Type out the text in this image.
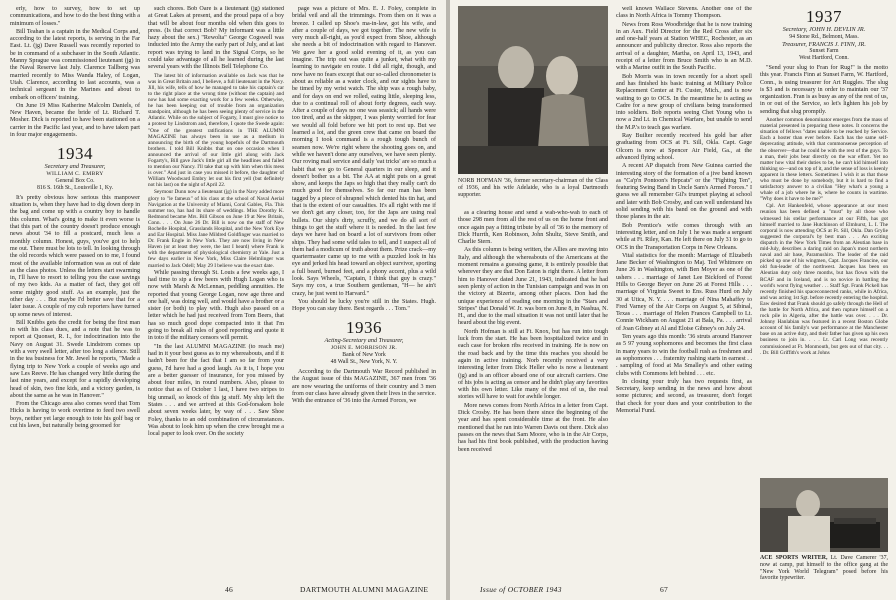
erly, how to survey, how to set up communications, and how to do the best thing with a minimum of losses."

Bill Teahan is a captain in the Medical Corps and, according to the latest reports, is serving in the Far East. Lt. (jg) Dave Russell was recently reported to be in command of a subchaser in the South Atlantic. Manny Sprague was commissioned lieutenant (jg) in the Naval Reserve last July. Clarence Tallberg was married recently to Miss Wanda Haley, of Logan, Utah. Clarence, according to last accounts, was a technical sergeant in the Marines and about to embark on officers' training.

On June 19 Miss Katherine Malcolm Daniels, of New Haven, became the bride of Lt. Richard T. Mosher. Dick is reported to have been stationed on a carrier in the Pacific last year, and to have taken part in four major engagements.

1934
Secretary and Treasurer,
WILLIAM C. EMBRY
General Box Co.
816 S. 16th St., Louisville 1, Ky.

It's pretty obvious how serious this manpower situation is, when they have had to dig down deep in the bag and come up with a country boy to handle this column. What's going to make it even worse is that this part of the country doesn't produce enough news about '34 to fill a postcard, much less a monthly column. Honest, guys, you've got to help me out. There must be lots to tell. In looking through the old records which were passed on to me, I found most of the available information was as out of date as the class photos. Unless the letters start swarming in, I'll have to resort to telling you the case savings of my two kids. As a matter of fact, they got off some mighty good stuff. As an example, just the other day . . . But maybe I'd better save that for a later issue. A couple of my cub reporters have turned up some news of interest.

Bill Knibbs gets the credit for being the first man in with his class dues, and a note that he was to report at Quonset, R. I., for indoctrination into the Navy on August 31. Swede Lindstrom comes up with a very swell letter, after too long a silence. Still in the tea business for Mr. Jewel he reports, "Made a flying trip to New York a couple of weeks ago and saw Les Reeve. He has changed very little during the last nine years, and except for a rapidly developing head of skin, two fine kids, and a victory garden, is about the same as he was in Hanover."

From the Chicago area also comes word that Tom Hicks is having to work overtime to feed two swell boys, neither yet large enough to tote his golf bag or cut his lawn, but naturally being groomed for

such chores. Bob Oare is a lieutenant (jg) stationed at Great Lakes at present, and the proud papa of a boy that will be about four months old when this goes to press. (Is that correct Bob? My informant was a little hazy about the sex.) "Rewolta" George Cogswell was inducted into the Army the early part of July, and at last report was trying to land in the Signal Corps, so he could take advantage of all he learned during the last several years with the Illinois Bell Telephone Co.

The latest bit of information available on Jack was that he was in Great Britain and, I believe, a full lieutenant in the Navy. Jill, his wife, tells of how he managed to take his captain's car to the right place at the wrong time (without the captain) and now has had some exacting work for a few weeks. Otherwise, he has been keeping out of trouble from an organization standpoint, although he has been seeing plenty of service in the Atlantic. While on the subject of Fogarty, I must give notice to a protest by Lindstrom and, therefore, I quote the Swede again: "One of the greatest ratifications in THE ALUMNI MAGAZINE has always been in use as a medium in announcing the birth of the young hopefuls of the Dartmouth brothers. I told Bill Knibbs that on one occasion when I announced the arrival of our little girl along with Jack Fogarty's, Bill gave Jack's little girl all the headlines and failed to mention our Nancy. I'll take that up with him when this mess is over." And just in case you missed it before, the daughter of William Woodward Embry let out his first yell (but definitely not his last) on the night of April 22.

Seymour Dunn now a lieutenant (jg) in the Navy added more glory to "le fameux" of his class at the school of Naval Aerial Navigation at the University of Miami, Coral Gables, Fla. This summer too, has had its share of weddings. Miss Dorothy K. Redmond became Mrs. Bill Gibson on June 19 at New Britain, Conn. . . . On June 26 Dr. Bill is now on the staff of New Rochelle Hospital, Grasslands Hospital, and the New York Eye and Ear Hospital. Miss Jane Mildred Goldfinger was married to Dr. Frank Engle in New York. They are now living in New Haven (or at least they were, the last I heard) where Frank is with the department of physiological chemistry at Yale. Just a few days earlier in New York, Miss Claire Helmlinger was married to Jack Odell; May 29 I believe was the exact date.

While passing through St. Louis a few weeks ago, I had time to sip a few beers with Hugh Logan who is now with Marsh & McLennan, peddling annuities. He reported that young George Logan, now age three and one half, was doing well, and would have a brother or a sister (or both) to play with. Hugh also passed on a letter which he had just received from Tom Beers, that has so much good dope compacted into it that I'm going to break all rules of good reporting and quote it in toto if the military censors will permit.

"In the last ALUMNI MAGAZINE (to reach me) had in it your best guess as to my whereabouts, and if it hadn't been for the fact that I am so far from your guess, I'd have had a good laugh. As it is, I hope you are a better guesser of insurance, for you missed by about four miles, in round numbers. Also, please to notice that as of October 1 last, I have two stripes to big unmail, so knock of this jg stuff. My ship left the States . . . and we arrived at this God-forsaken hole about seven weeks later, by way of . . . Saw Shoe Foley, thanks to an odd combination of circumstances. Was about to look him up when the crew brought me a local paper to look over. On the society

page was a picture of Mrs. E. J. Foley, complete in bridal veil and all the trimmings. From then on it was a breeze. I called up Shoe's ma-in-law, got his wife, and after a couple of days, we got together. The new wife is very much all-right, as you'd expect from Shoe, although she needs a bit of indoctrination with regard to Hanover. We gave her a good solid evening of it, as you can imagine. The trip out was quite a junket, what with my learning to navigate en route. I did all right, though, and now have no fears except that our so-called chronometer is about as reliable as a water clock, and our sights have to be timed by my wrist watch. The ship was a rough baby, and for days on end we rolled, eating little, sleeping less, due to a continual roll of about forty degrees, each way. After a couple of days no one was seasick; all hands were too tired, and as the skipper, I was plenty worried for fear we would all fold before we hit port to rest up. But we learned a lot, and the green crew that came on board the morning I took command is a rough tough bunch of seamen now. We're right where the shooting goes on, and while we haven't done any ourselves, we have seen plenty. Our roving mail service and daily 'eat tricks' are so much a habit that we go to General quarters in our sleep, and it doesn't bother us a bit. The AA at night puts on a great show, and keeps the Japs so high that they really can't do much good for themselves. So far our man has been tagged by a piece of shrapnel which dented his tin hat, and that is the extent of our casualties. It's all right with me if we don't get any closer, too, for the Japs are using real bullets. Our ship's dirty, scruffy, and we do all sort of things to get the stuff where it is needed. In the last few days we have had on board a lot of survivors from other ships. They had some wild tales to tell, and I suspect all of them had a modicum of truth about them. Prize crack—my quartermaster came up to me with a puzzled look in his eye and jerked his head toward an object survivor, sporting a full beard, burned feet, and a phony accent, plus a wild look. Says Wheels, "Captain, I think that guy is crazy." Says my cox, a true Southern gentleman, "H— he ain't crazy, he just went to Harvard."

You should be lucky you're still in the States. Hugh. Hope you can stay there. Best regards . . . Tom."

1936
Acting-Secretary and Treasurer,
JOHN E. MORRISON JR.
Bank of New York
48 Wall St., New York, N. Y.

According to the Dartmouth War Record published in the August issue of this MAGAZINE, 367 men from '36 are now wearing the uniforms of their country and 3 men from our class have already given their lives in the service. With the entrance of '36 into the Armed Forces, we

46	DARTMOUTH ALUMNI MAGAZINE
NORB HOFMAN '36, former secretary-chairman of the Class of 1936, and his wife Adelaide, who is a loyal Dartmouth supporter.

as a clearing house and send a wah-who-wah to each of those 298 men from all the rest of us on the home front and once again pay a fitting tribute by all of '36 to the memory of Dick Hurrth, Ken Robinson, John Shultz, Steve Smith, and Charlie Stern.

As this column is being written, the Allies are moving into Italy, and although the whereabouts of the Americans at the moment remains a guessing game, it is entirely possible that wherever they are that Don Eaton is right there. A letter from him to Hanover dated June 21, 1943, indicated that he had seen plenty of action in the Tunisian campaign and was in on the victory at Bizerte, among other places. Don had the unique experience of reading one morning in the "Stars and Stripes" that Donald W. Jr. was born on June 8, in Nashua, N. H., and due to the mail situation it was not until later that he heard about the big event.

North Hofman is still at Ft. Knox, but has run into tough luck from the start. He has been hospitalized twice and in each case for broken ribs received in training. He is now on the road back and by the time this reaches you should be again in active training. Norb recently received a very interesting letter from Dick Heller who is now a lieutenant (jg) and is an officer aboard one of our aircraft carriers. One of his jobs is acting as censor and he didn't play any favorites with his own letter. Like many of the rest of us, the real stories will have to wait for awhile longer.

More news comes from North Africa in a letter from Capt. Dick Crosby. He has been there since the beginning of the year and has spent considerable time at the front. He also mentioned that he ran into Warren Davis out there. Dick also passes on the news that Sam Moore, who is in the Air Corps, has had his first book published, with the production having been received

well known Wallace Stevens. Another one of the class in North Africa is Tommy Thompson.

News from Ross Woodbridge that he is now training in an Aux. Field Director for the Red Cross after six and one-half years at Station WHEC, Rochester, as an announcer and publicity director. Ross also reports the arrival of a daughter, Martha, on April 13, 1943, and receipt of a letter from Bruce Smith who is an M.D. with a Marine outfit in the South Pacific.

Bob Morris was in town recently for a short spell and has finished his basic training at Military Police Replacement Center at Ft. Custer, Mich., and is now waiting to go to OCS. In the meantime he is acting as Cadre for a new group of civilians being transformed into soldiers. Bob reports seeing Chet Young who is now a 2nd Lt. in Chemical Warfare, but unable to send the M.P.'s to teach gas warfare.

Ray Builter recently received his gold bar after graduating from OCS at Ft. Sill, Okla. Capt. Gage Olcorn is now at Spencer Air Field, Ga., at the advanced flying school.

A recent AP dispatch from New Guinea carried the interesting story of the formation of a jive band known as "Ca'p'n Pontoon's Hepcats" or the "Fighting Ten", featuring Swing Band in Uncle Sam's Armed Forces." I guess we all remember Gil's trumpet playing at school and later with Bob Crosby, and can well understand his solid sending with his band on the ground and with those planes in the air.

Bob Prentice's wife comes through with an interesting letter, and on July 1 he was made a sergeant while at Ft. Riley, Kan. He left there on July 31 to go to OCS in the Transportation Corps in New Orleans.

Vital statistics for the month: Marriage of Elizabeth Jane Becker of Washington to Maj. Ted Whitmore on June 26 in Washington, with Ben Moyer as one of the ushers . . . marriage of Janet Lee Bickford of Forest Hills to George Beyer on June 26 at Forest Hills . . . marriage of Virginia Sweet to Ens. Russ Hurd on July 30 at Utica, N. Y. . . . marriage of Nina Mahaffey to Fred Varney of the Air Corps on August 5, at Sibinal, Texas . . . marriage of Helen Frances Campbell to Lt. Connie Wickham on August 21 at Bala, Pa. . . . arrival of Joan Gibney at Al and Eloise Gibney's on July 24.

Ten years ago this month: '36 struts around Hanover as 5 97 young sophomores and becomes the first class in many years to win the football rush as freshmen and as sophomores . . . fraternity rushing starts in earnest . . . sampling of food at Ma Smalley's and other eating clubs with Commons left behind . . . etc.

In closing your truly has two requests first, as Secretary, keep sending in the news and how about some pictures; and second, as treasurer, don't forget that check for your dues and your contribution to the Memorial Fund.

1937
Secretary, JOHN H. DEVLIN JR.
94 Stone Rd., Belmont, Mass.
Treasurer, FRANCIS J. FINN, JR.
Sunset Farm
West Hartford, Conn.

"Send your slug to Fran for Rug!" is the motto this year. Francis Finn at Sunset Farm, W. Hartford, Conn., is using treasurer for Art Ruggles. The slug is $3 and is necessary in order to maintain our '37 organization. Fran is as busy as any of the rest of us, in or out of the Service, so let's lighten his job by sending that slug promptly.

Another common denominator emerges from the mass of material presented in preparing these notes. It concerns the situation of fellows "dates unable to be reached by Service. Each a hoster than ever before. Each has the same self-deprecating attitude, with that commonsense perception of the observer—that he could be with the rest of the guys. To a man, their jobs bear directly on the war effort. Yet no matter how vital their duties to be, he can't kid himself into thinking so—and on top of it, and the sense of loss is keenly apparent in these letters. Sometimes I wish it as that those who must be done by somebody, but it is hard to find a satisfactory answer to a civilian "Hey what's a young a whale of a job where he is, where he counts in wartime. "Why does it have to be me?"

Cpl. Art Hankenfeld, whose appearance at our most reunion has been defined a "must" by all those who witnessed his stellar performance at our Fifth, has got himself married to Jane Hutchinson of Elmhurst, L. I. The corporal is now attending OCS at Ft. Sill, Okla. Dan Grylie suggested the corporal's by best man . . . An exciting dispatch in the New York Times from an Aleutian base in mid-July, describes a daring raid on Japan's most northern naval and air base, Paramushiro. The leader of the raid picked up one of his wingmen, Capt. Jacques Francine, our old fun-leader of the northwest. Jacques has been on Aleutian duty only three months, but has flown with the RCAF and in Iceland, and is no novice in battling the world's worst flying weather . . . Staff Sgt. Frank Pickell has recently finished his spaceconnected ranks, while in Africa, and was acting 1st Sgt. before recently entering the hospital. Eaw desired that Frank should go safely through the Hell of the battle for North Africa, and then rupture himself on a rock pile in Algeria, after the battle was over. . . . Dr. Johnny Hanlabian was featured in a recent Boston Globe account of his family's war performance at the Manchester base on an active duty, and their father has given up his own business to join in. . . . Lt. Carl Long was recently commissioned at Ft. Monmouth, but gets out of that city. . . . Dr. Bill Griffith's work at Johns

ACE SPORTS WRITER, Lt. Dave Camerer '37, now at camp, put himself to the office gang at the "New York World Telegram" posed before his favorite typewriter.
Issue of OCTOBER 1943	67
